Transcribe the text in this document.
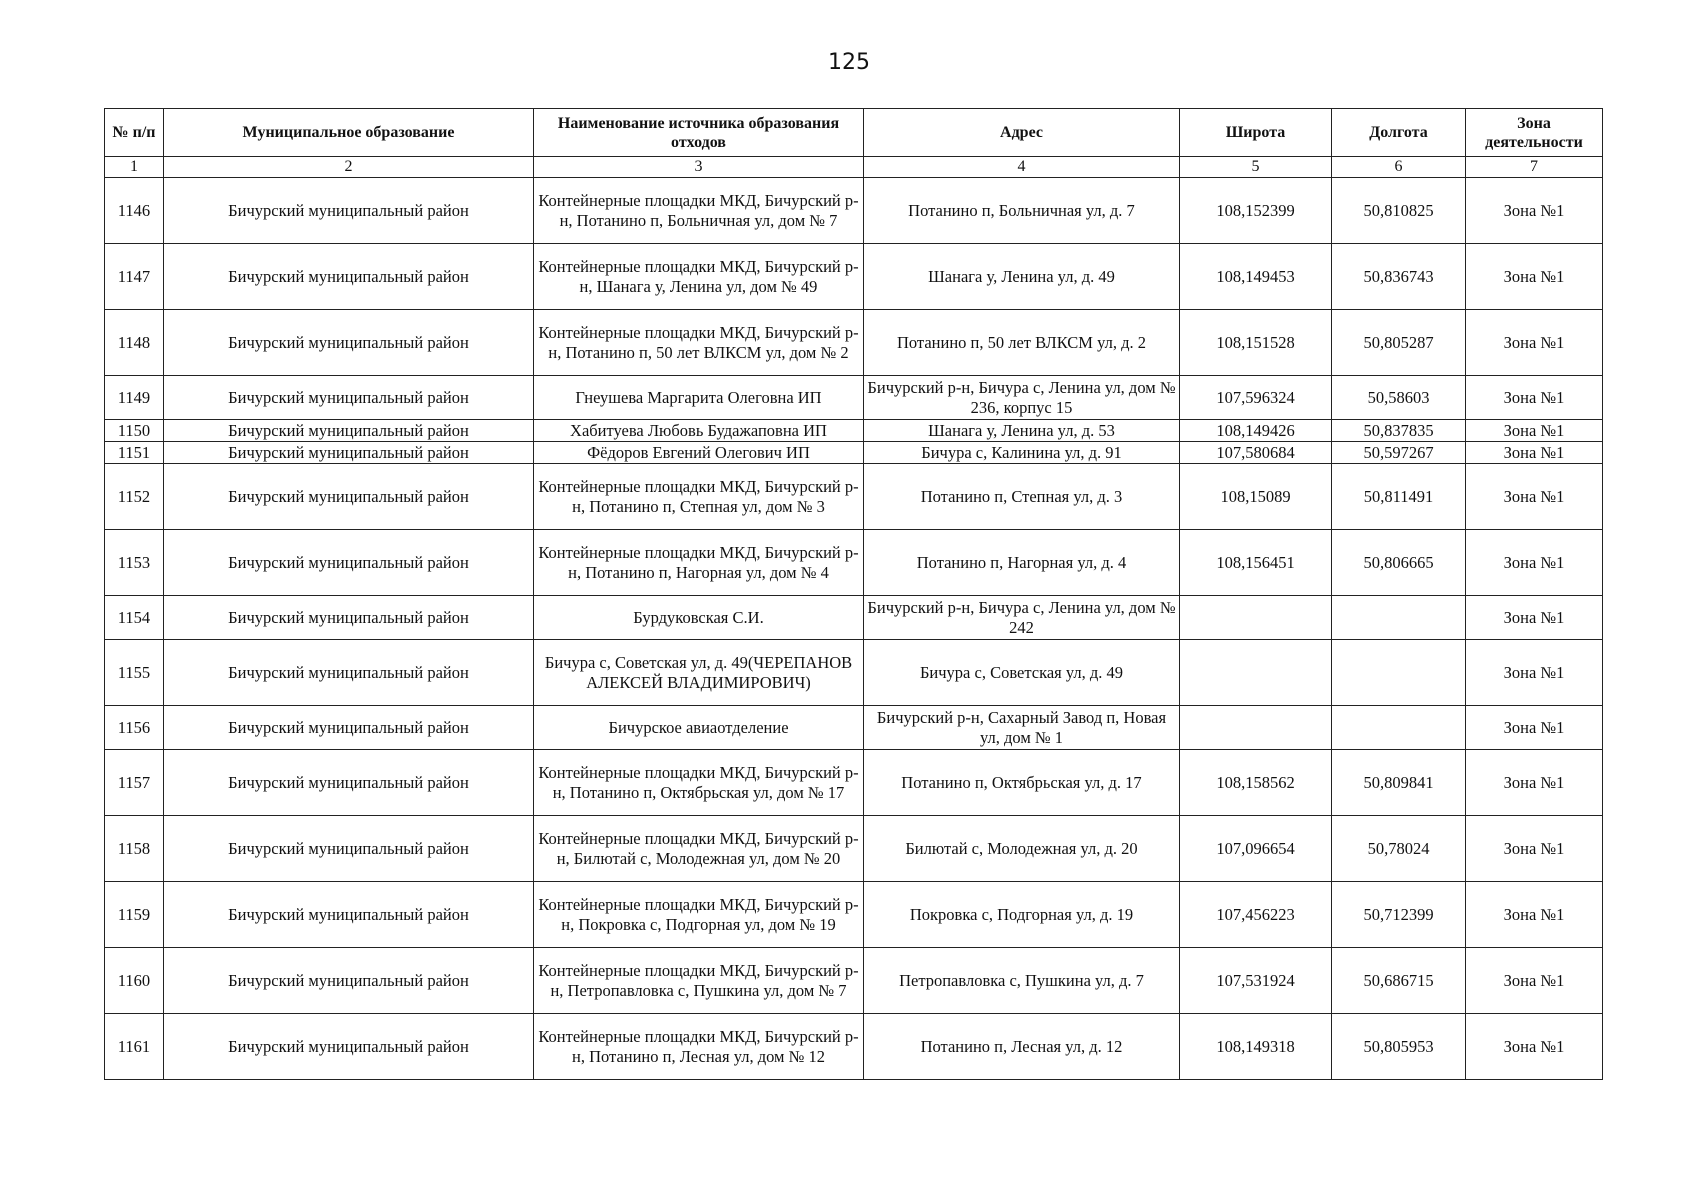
125
№ п/п	Муниципальное образование	Наименование источника образования отходов	Адрес	Широта	Долгота	Зона деятельности
1	2	3	4	5	6	7
1146	Бичурский муниципальный район	Контейнерные площадки МКД, Бичурский р-н, Потанино п, Больничная ул, дом № 7	Потанино п, Больничная ул, д. 7	108,152399	50,810825	Зона №1
1147	Бичурский муниципальный район	Контейнерные площадки МКД, Бичурский р-н, Шанага у, Ленина ул, дом № 49	Шанага у, Ленина ул, д. 49	108,149453	50,836743	Зона №1
1148	Бичурский муниципальный район	Контейнерные площадки МКД, Бичурский р-н, Потанино п, 50 лет ВЛКСМ ул, дом № 2	Потанино п, 50 лет ВЛКСМ ул, д. 2	108,151528	50,805287	Зона №1
1149	Бичурский муниципальный район	Гнеушева Маргарита Олеговна ИП	Бичурский р-н, Бичура с, Ленина ул, дом № 236, корпус 15	107,596324	50,58603	Зона №1
1150	Бичурский муниципальный район	Хабитуева Любовь Будажаповна ИП	Шанага у, Ленина ул, д. 53	108,149426	50,837835	Зона №1
1151	Бичурский муниципальный район	Фёдоров Евгений Олегович ИП	Бичура с, Калинина ул, д. 91	107,580684	50,597267	Зона №1
1152	Бичурский муниципальный район	Контейнерные площадки МКД, Бичурский р-н, Потанино п, Степная ул, дом № 3	Потанино п, Степная ул, д. 3	108,15089	50,811491	Зона №1
1153	Бичурский муниципальный район	Контейнерные площадки МКД, Бичурский р-н, Потанино п, Нагорная ул, дом № 4	Потанино п, Нагорная ул, д. 4	108,156451	50,806665	Зона №1
1154	Бичурский муниципальный район	Бурдуковская С.И.	Бичурский р-н, Бичура с, Ленина ул, дом № 242			Зона №1
1155	Бичурский муниципальный район	Бичура с, Советская ул, д. 49(ЧЕРЕПАНОВ АЛЕКСЕЙ ВЛАДИМИРОВИЧ)	Бичура с, Советская ул, д. 49			Зона №1
1156	Бичурский муниципальный район	Бичурское авиаотделение	Бичурский р-н, Сахарный Завод п, Новая ул, дом № 1			Зона №1
1157	Бичурский муниципальный район	Контейнерные площадки МКД, Бичурский р-н, Потанино п, Октябрьская ул, дом № 17	Потанино п, Октябрьская ул, д. 17	108,158562	50,809841	Зона №1
1158	Бичурский муниципальный район	Контейнерные площадки МКД, Бичурский р-н, Билютай с, Молодежная ул, дом № 20	Билютай с, Молодежная ул, д. 20	107,096654	50,78024	Зона №1
1159	Бичурский муниципальный район	Контейнерные площадки МКД, Бичурский р-н, Покровка с, Подгорная ул, дом № 19	Покровка с, Подгорная ул, д. 19	107,456223	50,712399	Зона №1
1160	Бичурский муниципальный район	Контейнерные площадки МКД, Бичурский р-н, Петропавловка с, Пушкина ул, дом № 7	Петропавловка с, Пушкина ул, д. 7	107,531924	50,686715	Зона №1
1161	Бичурский муниципальный район	Контейнерные площадки МКД, Бичурский р-н, Потанино п, Лесная ул, дом № 12	Потанино п, Лесная ул, д. 12	108,149318	50,805953	Зона №1
